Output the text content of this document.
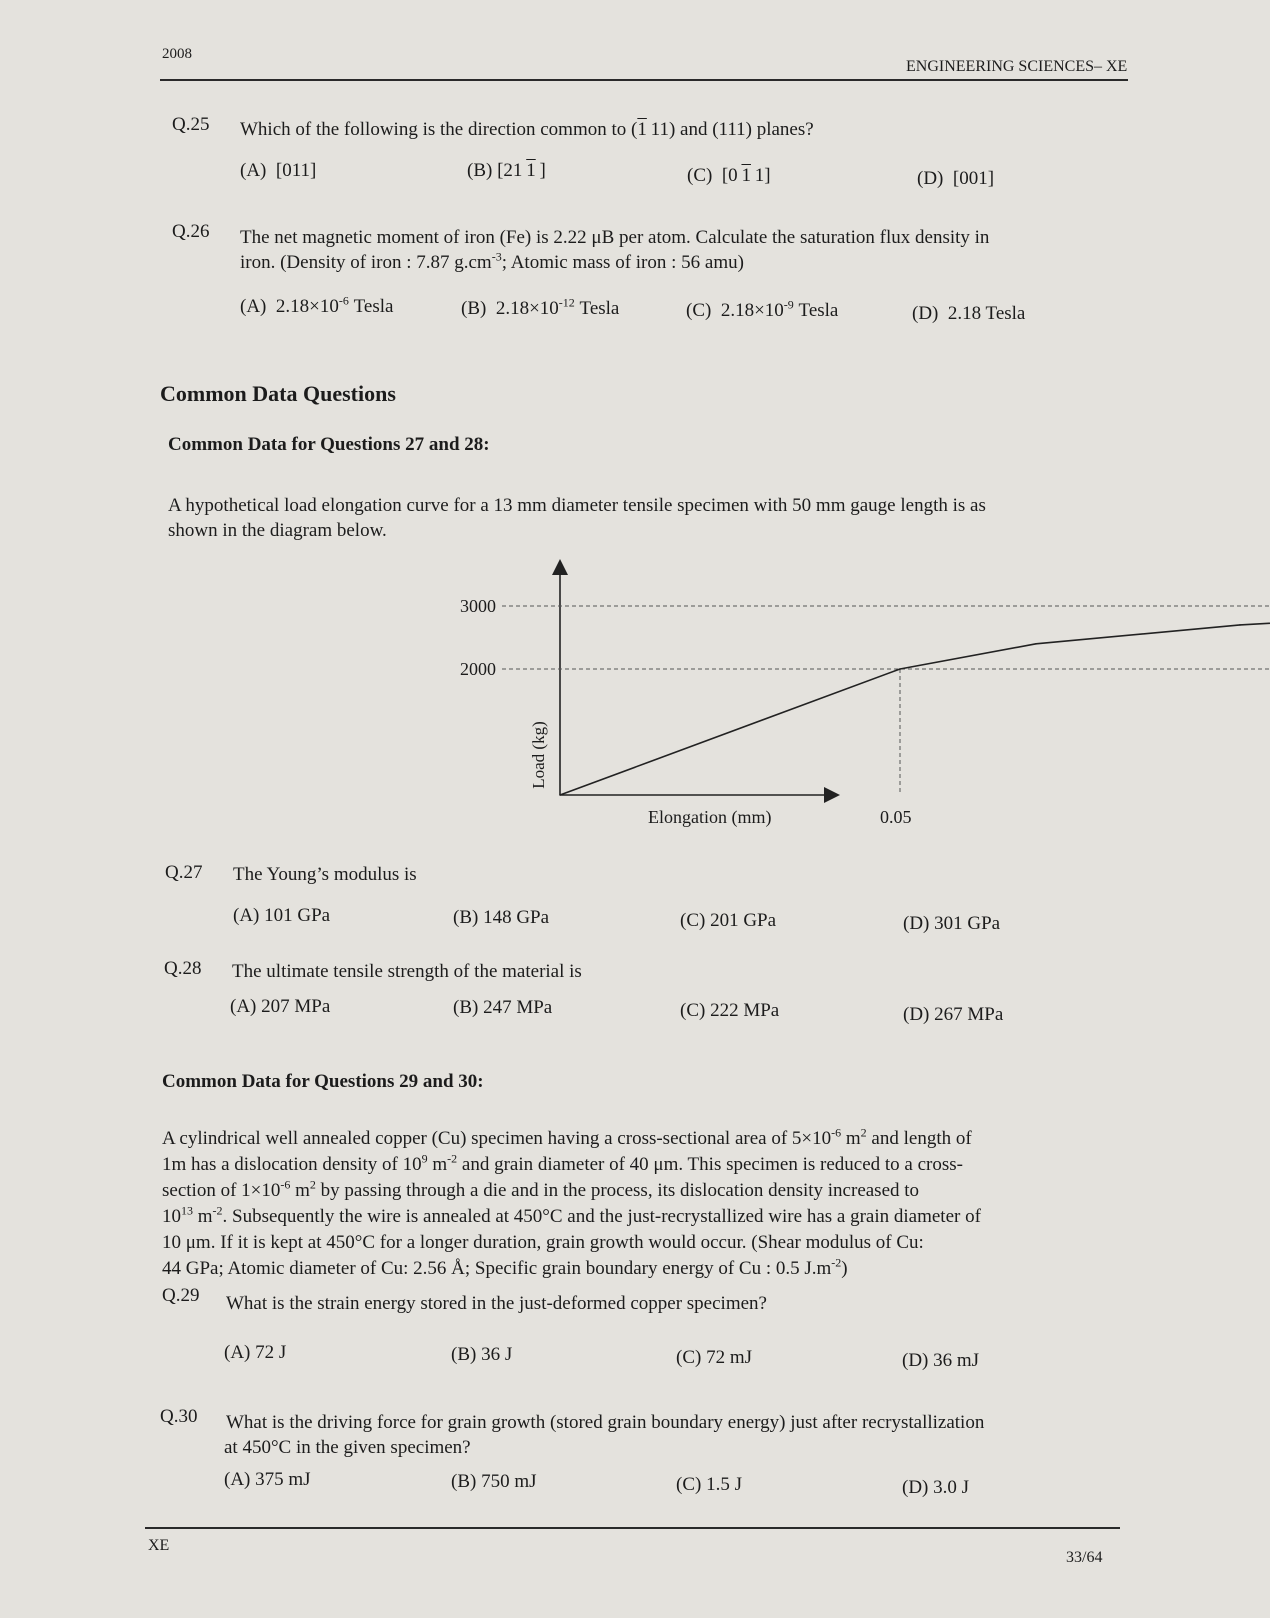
2008
ENGINEERING SCIENCES– XE
Q.25 Which of the following is the direction common to (1 11) and (111) planes?
(A) [011]	(B) [21 1 ]	(C)  [0 1 1]	(D) [001]
Q.26 The net magnetic moment of iron (Fe) is 2.22 μB per atom. Calculate the saturation flux density in
iron. (Density of iron : 7.87 $g.cm^{-3}$; Atomic mass of iron : 56 amu)
(A) $2.18\times 10^{-6}$ Tesla	(B) $2.18\times 10^{-12}$ Tesla	(C) $2.18\times 10^{-9}$ Tesla	(D) 2.18 Tesla
Common Data Questions
Common Data for Questions 27 and 28:
A hypothetical load elongation curve for a 13 mm diameter tensile specimen with 50 mm gauge length is as
shown in the diagram below.
3000
2000
0.05
Elongation (mm)
Load (kg)
Q.27 The Young’s modulus is
(A) 101 GPa	(B) 148 GPa	(C) 201 GPa	(D) 301 GPa
Q.28 The ultimate tensile strength of the material is
(A) 207 MPa	(B) 247 MPa	(C) 222 MPa	(D) 267 MPa
Common Data for Questions 29 and 30:
A cylindrical well annealed copper (Cu) specimen having a cross-sectional area of $5\times 10^{-6}$ $m^2$ and length of
1m has a dislocation density of $10^9$ $m^{-2}$ and grain diameter of 40 μm. This specimen is reduced to a cross-
section of $1\times 10^{-6}$ $m^2$ by passing through a die and in the process, its dislocation density increased to
$10^{13}$ $m^{-2}$. Subsequently the wire is annealed at 450°C and the just-recrystallized wire has a grain diameter of
10 μm. If it is kept at 450°C for a longer duration, grain growth would occur. (Shear modulus of Cu:
44 GPa; Atomic diameter of Cu: 2.56 Å; Specific grain boundary energy of Cu : 0.5 $J.m^{-2}$)
Q.29 What is the strain energy stored in the just-deformed copper specimen?
(A) 72 J	(B) 36 J	(C) 72 mJ	(D) 36 mJ
Q.30 What is the driving force for grain growth (stored grain boundary energy) just after recrystallization
at 450°C in the given specimen?
(A) 375 mJ	(B) 750 mJ	(C) 1.5 J	(D) 3.0 J
XE
33/64
